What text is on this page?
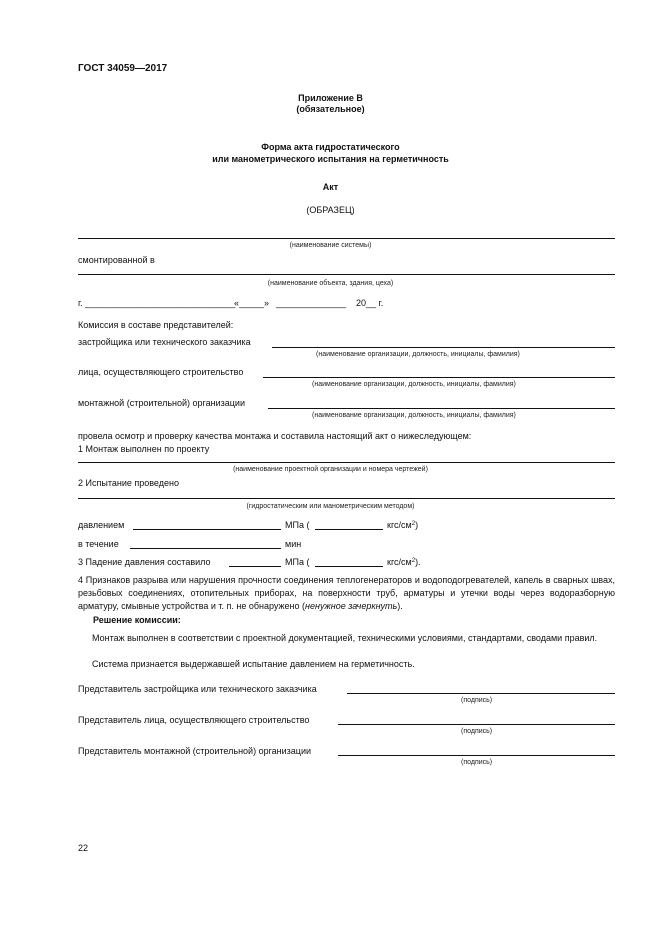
ГОСТ 34059—2017
Приложение В
(обязательное)
Форма акта гидростатического
или манометрического испытания на герметичность
Акт
(ОБРАЗЕЦ)
(наименование системы)
смонтированной в
(наименование объекта, здания, цеха)
г. ______________________________
«_____» ______________ 20__ г.
Комиссия в составе представителей:
застройщика или технического заказчика
(наименование организации, должность, инициалы, фамилия)
лица, осуществляющего строительство
(наименование организации, должность, инициалы, фамилия)
монтажной (строительной) организации
(наименование организации, должность, инициалы, фамилия)
провела осмотр и проверку качества монтажа и составила настоящий акт о нижеследующем:
1 Монтаж выполнен по проекту
(наименование проектной организации и номера чертежей)
2 Испытание проведено
(гидростатическим или манометрическим методом)
давлением	МПа (	кгс/$см^2$)
в течение	мин
3 Падение давления составило	МПа (	кгс/$см^2$).
4 Признаков разрыва или нарушения прочности соединения теплогенераторов и водоподогревателей, капель в сварных швах, резьбовых соединениях, отопительных приборах, на поверхности труб, арматуры и утечки воды через водоразборную арматуру, смывные устройства и т. п. не обнаружено (ненужное зачеркнуть).
Решение комиссии:
Монтаж выполнен в соответствии с проектной документацией, техническими условиями, стандартами, сводами правил.
Система признается выдержавшей испытание давлением на герметичность.
Представитель застройщика или технического заказчика
(подпись)
Представитель лица, осуществляющего строительство
(подпись)
Представитель монтажной (строительной) организации
(подпись)
22
